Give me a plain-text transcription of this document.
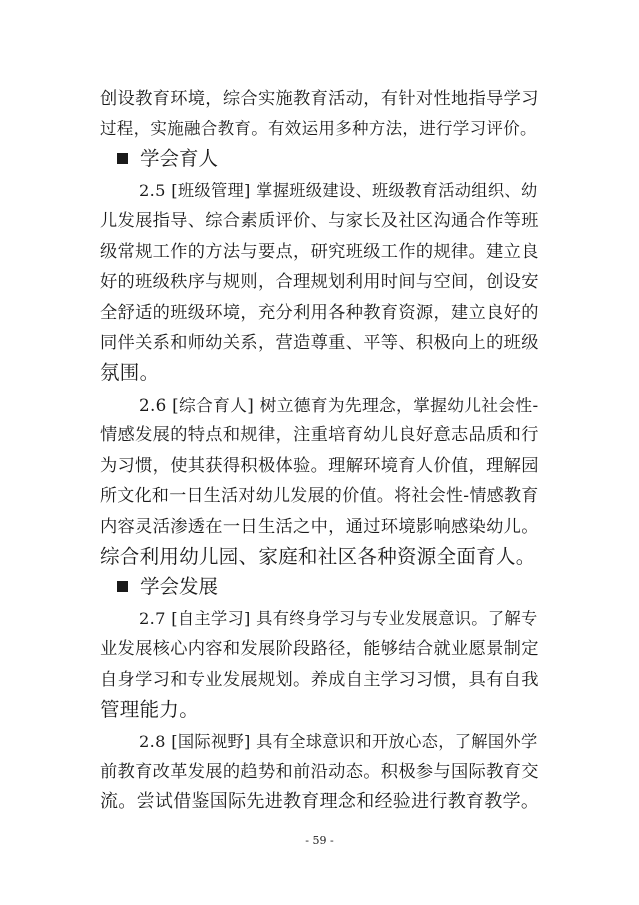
创设教育环境，综合实施教育活动，有针对性地指导学习
过程，实施融合教育。有效运用多种方法，进行学习评价。
学会育人
2.5 [班级管理] 掌握班级建设、班级教育活动组织、幼
儿发展指导、综合素质评价、与家长及社区沟通合作等班
级常规工作的方法与要点，研究班级工作的规律。建立良
好的班级秩序与规则，合理规划利用时间与空间，创设安
全舒适的班级环境，充分利用各种教育资源，建立良好的
同伴关系和师幼关系，营造尊重、平等、积极向上的班级
氛围。
2.6 [综合育人] 树立德育为先理念，掌握幼儿社会性-
情感发展的特点和规律，注重培育幼儿良好意志品质和行
为习惯，使其获得积极体验。理解环境育人价值，理解园
所文化和一日生活对幼儿发展的价值。将社会性-情感教育
内容灵活渗透在一日生活之中，通过环境影响感染幼儿。
综合利用幼儿园、家庭和社区各种资源全面育人。
学会发展
2.7 [自主学习] 具有终身学习与专业发展意识。了解专
业发展核心内容和发展阶段路径，能够结合就业愿景制定
自身学习和专业发展规划。养成自主学习习惯，具有自我
管理能力。
2.8 [国际视野] 具有全球意识和开放心态，了解国外学
前教育改革发展的趋势和前沿动态。积极参与国际教育交
流。尝试借鉴国际先进教育理念和经验进行教育教学。
- 59 -
